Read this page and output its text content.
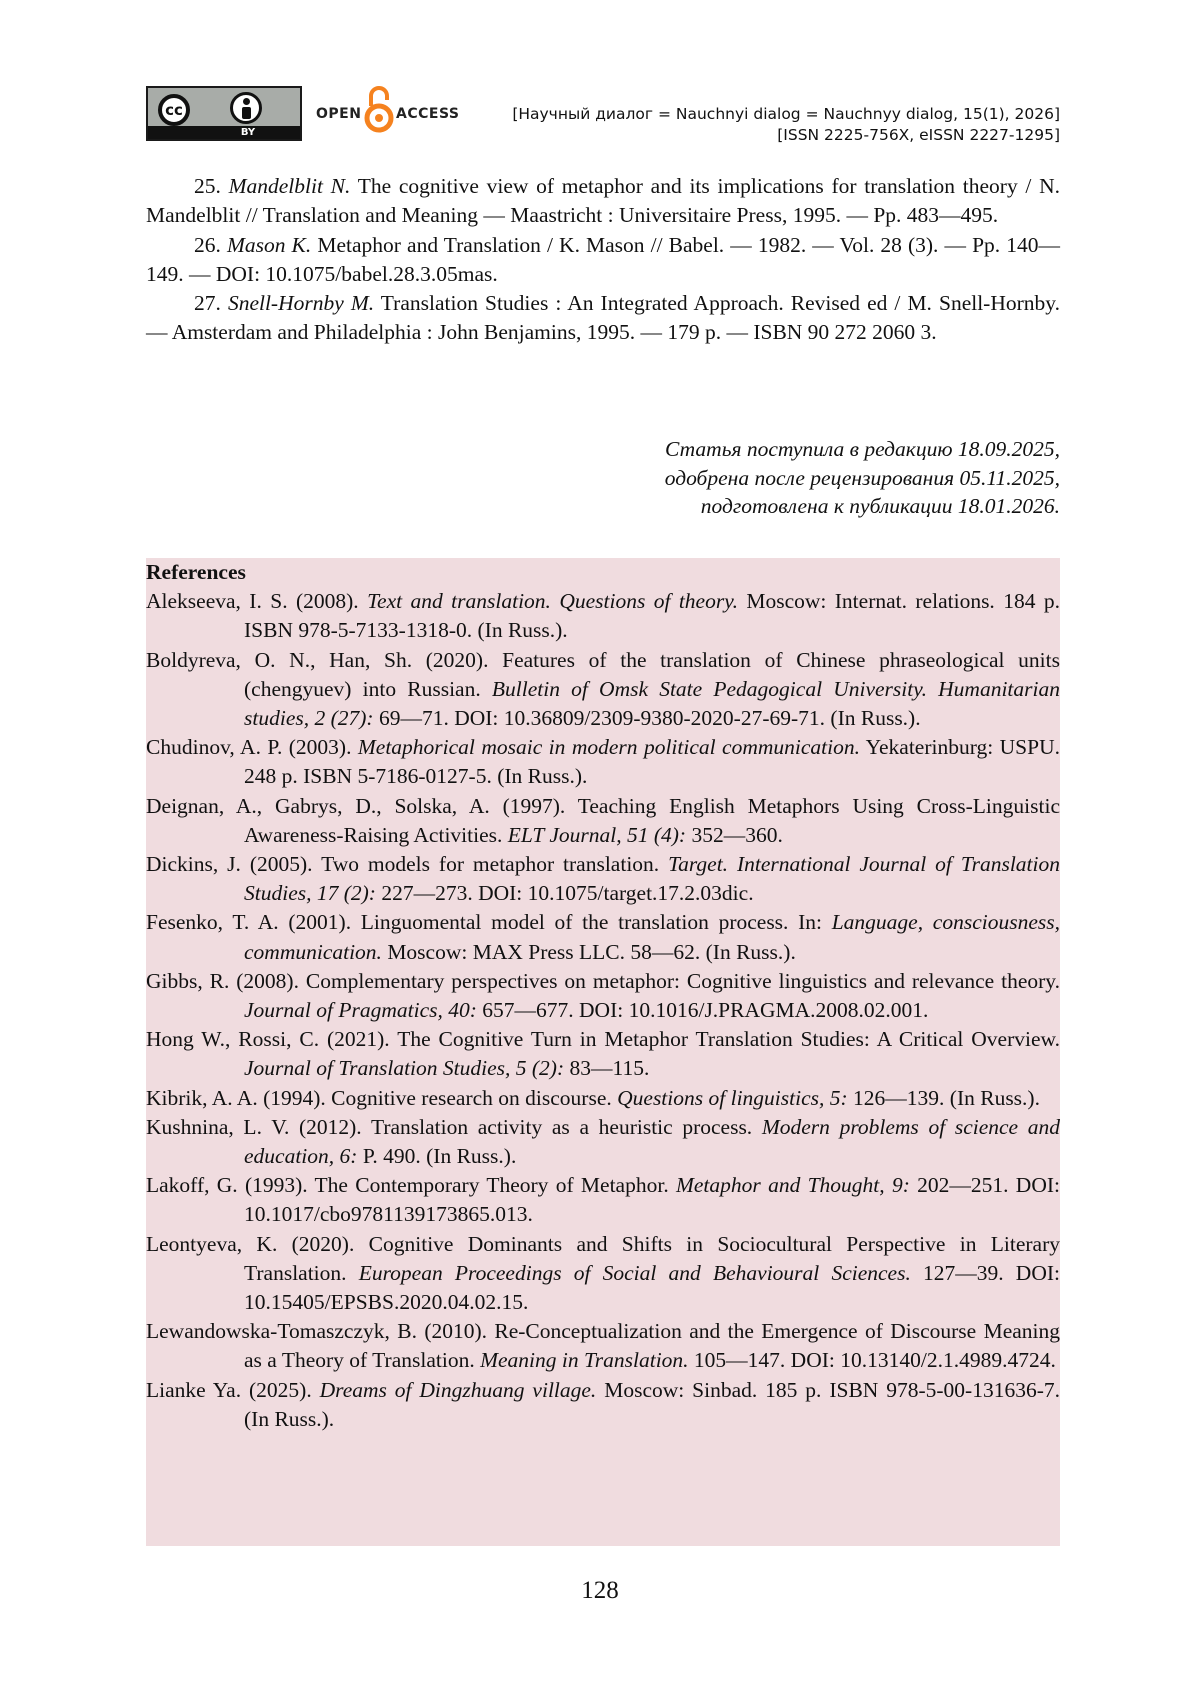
cc
BY
OPEN ACCESS	[Научный диалог = Nauchnyi dialog = Nauchnyy dialog, 15(1), 2026]
[ISSN 2225-756X, eISSN 2227-1295]

25. Mandelblit N. The cognitive view of metaphor and its implications for translation theory / N. Mandelblit // Translation and Meaning — Maastricht : Universitaire Press, 1995. — Pp. 483—495.

26. Mason K. Metaphor and Translation / K. Mason // Babel. — 1982. — Vol. 28 (3). — Pp. 140—149. — DOI: 10.1075/babel.28.3.05mas.

27. Snell-Hornby M. Translation Studies : An Integrated Approach. Revised ed / M. Snell-Hornby. — Amsterdam and Philadelphia : John Benjamins, 1995. — 179 p. — ISBN 90 272 2060 3.

Статья поступила в редакцию 18.09.2025,
одобрена после рецензирования 05.11.2025,
подготовлена к публикации 18.01.2026.
References

Alekseeva, I. S. (2008). Text and translation. Questions of theory. Moscow: Internat. relations. 184 p. ISBN 978-5-7133-1318-0. (In Russ.).

Boldyreva, O. N., Han, Sh. (2020). Features of the translation of Chinese phraseological units (chengyuev) into Russian. Bulletin of Omsk State Pedagogical University. Humanitarian studies, 2 (27): 69—71. DOI: 10.36809/2309-9380-2020-27-69-71. (In Russ.).

Chudinov, A. P. (2003). Metaphorical mosaic in modern political communication. Yekaterinburg: USPU. 248 p. ISBN 5-7186-0127-5. (In Russ.).

Deignan, A., Gabrys, D., Solska, A. (1997). Teaching English Metaphors Using Cross-Linguistic Awareness-Raising Activities. ELT Journal, 51 (4): 352—360.

Dickins, J. (2005). Two models for metaphor translation. Target. International Journal of Translation Studies, 17 (2): 227—273. DOI: 10.1075/target.17.2.03dic.

Fesenko, T. A. (2001). Linguomental model of the translation process. In: Language, consciousness, communication. Moscow: MAX Press LLC. 58—62. (In Russ.).

Gibbs, R. (2008). Complementary perspectives on metaphor: Cognitive linguistics and relevance theory. Journal of Pragmatics, 40: 657—677. DOI: 10.1016/J.PRAGMA.2008.02.001.

Hong W., Rossi, C. (2021). The Cognitive Turn in Metaphor Translation Studies: A Critical Overview. Journal of Translation Studies, 5 (2): 83—115.

Kibrik, A. A. (1994). Cognitive research on discourse. Questions of linguistics, 5: 126—139. (In Russ.).

Kushnina, L. V. (2012). Translation activity as a heuristic process. Modern problems of science and education, 6: P. 490. (In Russ.).

Lakoff, G. (1993). The Contemporary Theory of Metaphor. Metaphor and Thought, 9: 202—251. DOI: 10.1017/cbo9781139173865.013.

Leontyeva, K. (2020). Cognitive Dominants and Shifts in Sociocultural Perspective in Literary Translation. European Proceedings of Social and Behavioural Sciences. 127—39. DOI: 10.15405/EPSBS.2020.04.02.15.

Lewandowska-Tomaszczyk, B. (2010). Re-Conceptualization and the Emergence of Discourse Meaning as a Theory of Translation. Meaning in Translation. 105—147. DOI: 10.13140/2.1.4989.4724.

Lianke Ya. (2025). Dreams of Dingzhuang village. Moscow: Sinbad. 185 p. ISBN 978-5-00-131636-7. (In Russ.).

128
